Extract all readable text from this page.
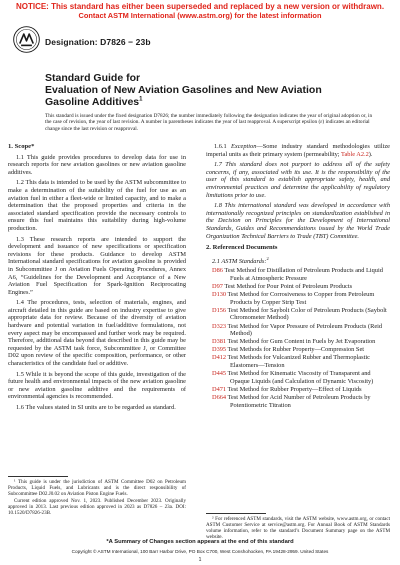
NOTICE: This standard has either been superseded and replaced by a new version or withdrawn.
Contact ASTM International (www.astm.org) for the latest information
Designation: D7826 − 23b
Standard Guide for
Evaluation of New Aviation Gasolines and New Aviation
Gasoline Additives$^1$
This standard is issued under the fixed designation D7826; the number immediately following the designation indicates the year of original adoption or, in the case of revision, the year of last revision. A number in parentheses indicates the year of last reapproval. A superscript epsilon (ε) indicates an editorial change since the last revision or reapproval.
1. Scope*
1.1 This guide provides procedures to develop data for use in research reports for new aviation gasolines or new aviation gasoline additives.
1.2 This data is intended to be used by the ASTM subcommittee to make a determination of the suitability of the fuel for use as an aviation fuel in either a fleet-wide or limited capacity, and to make a determination that the proposed properties and criteria in the associated standard specification provide the necessary controls to ensure this fuel maintains this suitability during high-volume production.
1.3 These research reports are intended to support the development and issuance of new specifications or specification revisions for these products. Guidance to develop ASTM International standard specifications for aviation gasoline is provided in Subcommittee J on Aviation Fuels Operating Procedures, Annex A6, “Guidelines for the Development and Acceptance of a New Aviation Fuel Specification for Spark-Ignition Reciprocating Engines.”
1.4 The procedures, tests, selection of materials, engines, and aircraft detailed in this guide are based on industry expertise to give appropriate data for review. Because of the diversity of aviation hardware and potential variation in fuel/additive formulations, not every aspect may be encompassed and further work may be required. Therefore, additional data beyond that described in this guide may be requested by the ASTM task force, Subcommittee J, or Committee D02 upon review of the specific composition, performance, or other characteristics of the candidate fuel or additive.
1.5 While it is beyond the scope of this guide, investigation of the future health and environmental impacts of the new aviation gasoline or new aviation gasoline additive and the requirements of environmental agencies is recommended.
1.6 The values stated in SI units are to be regarded as standard.
1.6.1 Exception—Some industry standard methodologies utilize imperial units as their primary system (permeability; Table A2.2).
1.7 This standard does not purport to address all of the safety concerns, if any, associated with its use. It is the responsibility of the user of this standard to establish appropriate safety, health, and environmental practices and determine the applicability of regulatory limitations prior to use.
1.8 This international standard was developed in accordance with internationally recognized principles on standardization established in the Decision on Principles for the Development of International Standards, Guides and Recommendations issued by the World Trade Organization Technical Barriers to Trade (TBT) Committee.
2. Referenced Documents
2.1 ASTM Standards:$^2$
D86 Test Method for Distillation of Petroleum Products and Liquid Fuels at Atmospheric Pressure
D97 Test Method for Pour Point of Petroleum Products
D130 Test Method for Corrosiveness to Copper from Petroleum Products by Copper Strip Test
D156 Test Method for Saybolt Color of Petroleum Products (Saybolt Chromometer Method)
D323 Test Method for Vapor Pressure of Petroleum Products (Reid Method)
D381 Test Method for Gum Content in Fuels by Jet Evaporation
D395 Test Methods for Rubber Property—Compression Set
D412 Test Methods for Vulcanized Rubber and Thermoplastic Elastomers—Tension
D445 Test Method for Kinematic Viscosity of Transparent and Opaque Liquids (and Calculation of Dynamic Viscosity)
D471 Test Method for Rubber Property—Effect of Liquids
D664 Test Method for Acid Number of Petroleum Products by Potentiometric Titration
¹ This guide is under the jurisdiction of ASTM Committee D02 on Petroleum Products, Liquid Fuels, and Lubricants and is the direct responsibility of Subcommittee D02.J0.02 on Aviation Piston Engine Fuels.
Current edition approved Nov. 1, 2023. Published December 2023. Originally approved in 2013. Last previous edition approved in 2023 as D7826 – 23a. DOI: 10.1520/D7826-23B.
² For referenced ASTM standards, visit the ASTM website, www.astm.org, or contact ASTM Customer Service at service@astm.org. For Annual Book of ASTM Standards volume information, refer to the standard’s Document Summary page on the ASTM website.
*A Summary of Changes section appears at the end of this standard
Copyright © ASTM International, 100 Barr Harbor Drive, PO Box C700, West Conshohocken, PA 19428-2959. United States
1
